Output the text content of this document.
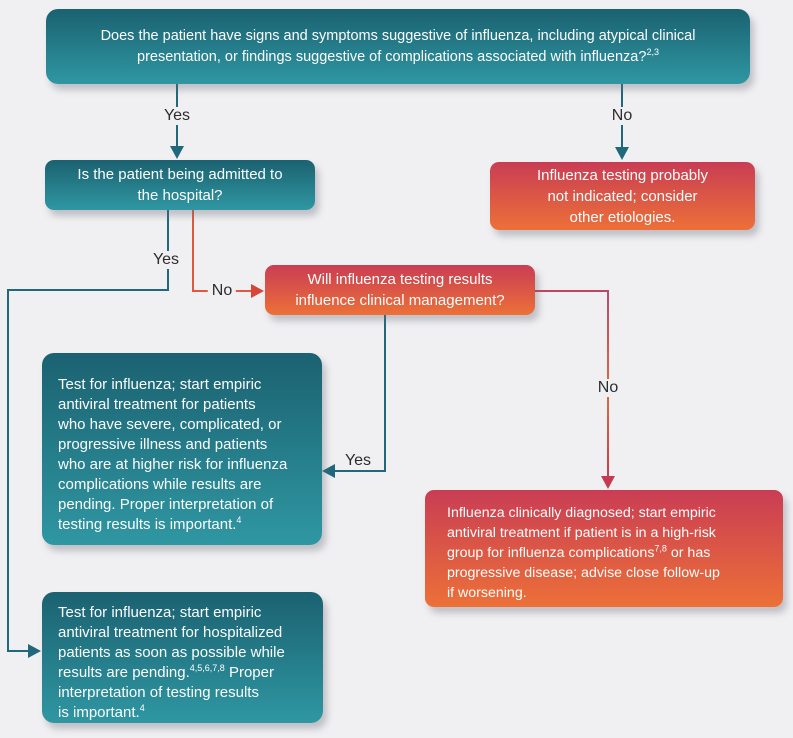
Yes	No
Yes
No
Yes
No

Does the patient have signs and symptoms suggestive of influenza, including atypical clinical
presentation, or findings suggestive of complications associated with influenza?$^{2,3}$

Is the patient being admitted to
the hospital?

Influenza testing probably
not indicated; consider
other etiologies.

Will influenza testing results
influence clinical management?

Test for influenza; start empiric
antiviral treatment for patients
who have severe, complicated, or
progressive illness and patients
who are at higher risk for influenza
complications while results are
pending. Proper interpretation of
testing results is important.$^4$	Influenza clinically diagnosed; start empiric
antiviral treatment if patient is in a high-risk
group for influenza complications$^{7,8}$ or has
progressive disease; advise close follow-up
if worsening.

Test for influenza; start empiric
antiviral treatment for hospitalized
patients as soon as possible while
results are pending.$^{4,5,6,7,8}$ Proper
interpretation of testing results
is important.$^4$
